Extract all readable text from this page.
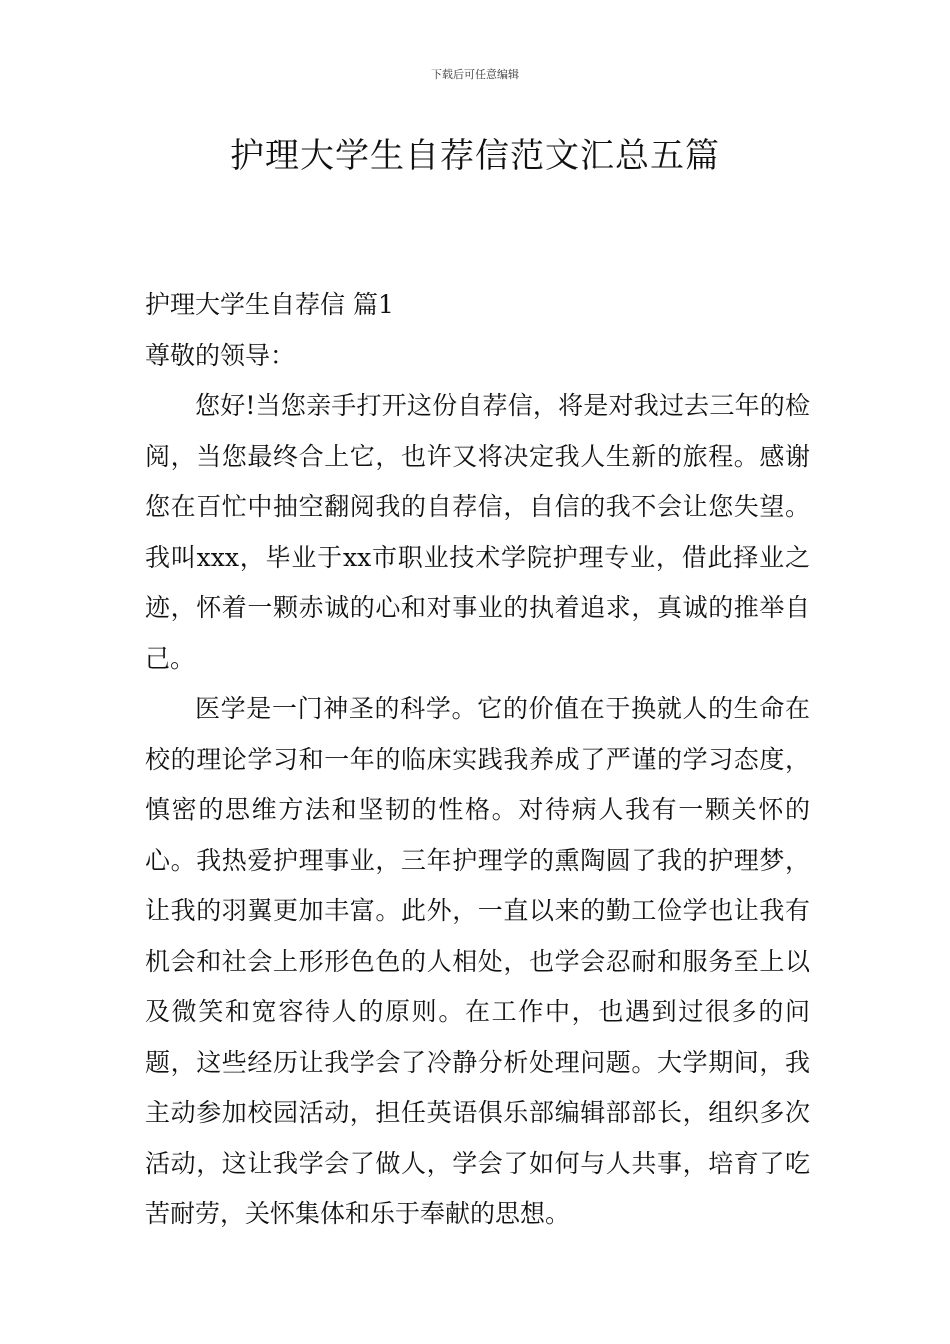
下载后可任意编辑
护理大学生自荐信范文汇总五篇
护理大学生自荐信 篇1
尊敬的领导：

您好!当您亲手打开这份自荐信，将是对我过去三年的检阅，当您最终合上它，也许又将决定我人生新的旅程。感谢您在百忙中抽空翻阅我的自荐信，自信的我不会让您失望。我叫xxx，毕业于xx市职业技术学院护理专业，借此择业之迹，怀着一颗赤诚的心和对事业的执着追求，真诚的推举自己。

医学是一门神圣的科学。它的价值在于换就人的生命在校的理论学习和一年的临床实践我养成了严谨的学习态度，慎密的思维方法和坚韧的性格。对待病人我有一颗关怀的心。我热爱护理事业，三年护理学的熏陶圆了我的护理梦，让我的羽翼更加丰富。此外，一直以来的勤工俭学也让我有机会和社会上形形色色的人相处，也学会忍耐和服务至上以及微笑和宽容待人的原则。在工作中，也遇到过很多的问题，这些经历让我学会了冷静分析处理问题。大学期间，我主动参加校园活动，担任英语俱乐部编辑部部长，组织多次活动，这让我学会了做人，学会了如何与人共事，培育了吃苦耐劳，关怀集体和乐于奉献的思想。
